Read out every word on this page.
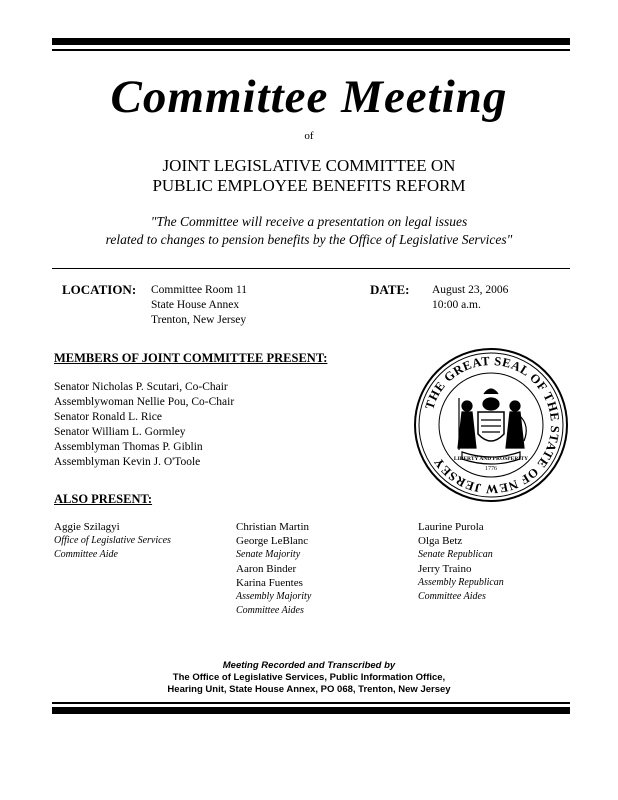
Committee Meeting
of
JOINT LEGISLATIVE COMMITTEE ON
PUBLIC EMPLOYEE BENEFITS REFORM
"The Committee will receive a presentation on legal issues
related to changes to pension benefits by the Office of Legislative Services"
LOCATION: Committee Room 11
State House Annex
Trenton, New Jersey
DATE: August 23, 2006
10:00 a.m.
MEMBERS OF JOINT COMMITTEE PRESENT:
Senator Nicholas P. Scutari, Co-Chair
Assemblywoman Nellie Pou, Co-Chair
Senator Ronald L. Rice
Senator William L. Gormley
Assemblyman Thomas P. Giblin
Assemblyman Kevin J. O'Toole
THE GREAT SEAL OF THE STATE OF NEW JERSEY	LIBERTY AND PROSPERITY
1776
ALSO PRESENT:
Aggie Szilagyi
Office of Legislative Services
Committee Aide
Christian Martin
George LeBlanc
Senate Majority
Aaron Binder
Karina Fuentes
Assembly Majority
Committee Aides
Laurine Purola
Olga Betz
Senate Republican
Jerry Traino
Assembly Republican
Committee Aides
Meeting Recorded and Transcribed by
The Office of Legislative Services, Public Information Office,
Hearing Unit, State House Annex, PO 068, Trenton, New Jersey
